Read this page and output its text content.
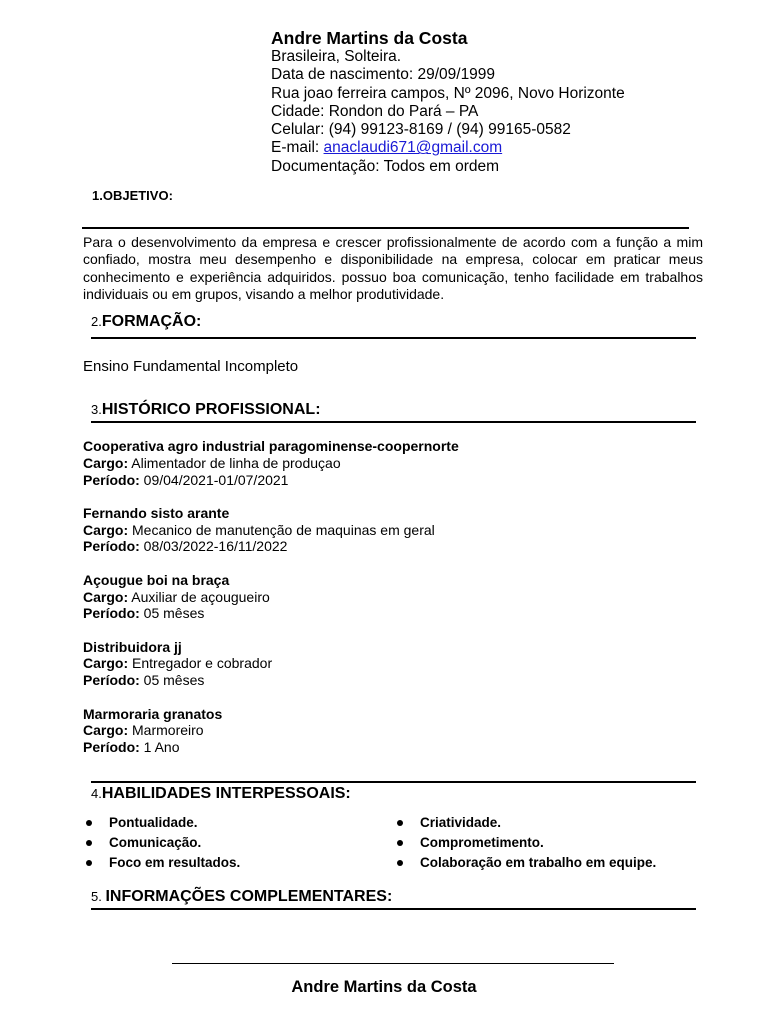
Andre Martins da Costa
Brasileira, Solteira.
Data de nascimento: 29/09/1999
Rua joao ferreira campos, Nº 2096, Novo Horizonte
Cidade: Rondon do Pará – PA
Celular: (94) 99123-8169 / (94) 99165-0582
E-mail: anaclaudi671@gmail.com
Documentação: Todos em ordem
1.OBJETIVO:
Para o desenvolvimento da empresa e crescer profissionalmente de acordo com a função a mim confiado, mostra meu desempenho e disponibilidade na empresa, colocar em praticar meus conhecimento e experiência adquiridos. possuo boa comunicação, tenho facilidade em trabalhos individuais ou em grupos, visando a melhor produtividade.
2.FORMAÇÃO:
Ensino Fundamental Incompleto
3.HISTÓRICO PROFISSIONAL:
Cooperativa agro industrial paragominense-coopernorte
Cargo: Alimentador de linha de produçao
Período: 09/04/2021-01/07/2021
Fernando sisto arante
Cargo: Mecanico de manutenção de maquinas em geral
Período: 08/03/2022-16/11/2022
Açougue boi na braça
Cargo: Auxiliar de açougueiro
Período: 05 mêses
Distribuidora jj
Cargo: Entregador e cobrador
Período: 05 mêses
Marmoraria granatos
Cargo: Marmoreiro
Período: 1 Ano
4.HABILIDADES INTERPESSOAIS:
Pontualidade.
Comunicação.
Foco em resultados.
Criatividade.
Comprometimento.
Colaboração em trabalho em equipe.
5. INFORMAÇÕES COMPLEMENTARES:
Andre Martins da Costa
